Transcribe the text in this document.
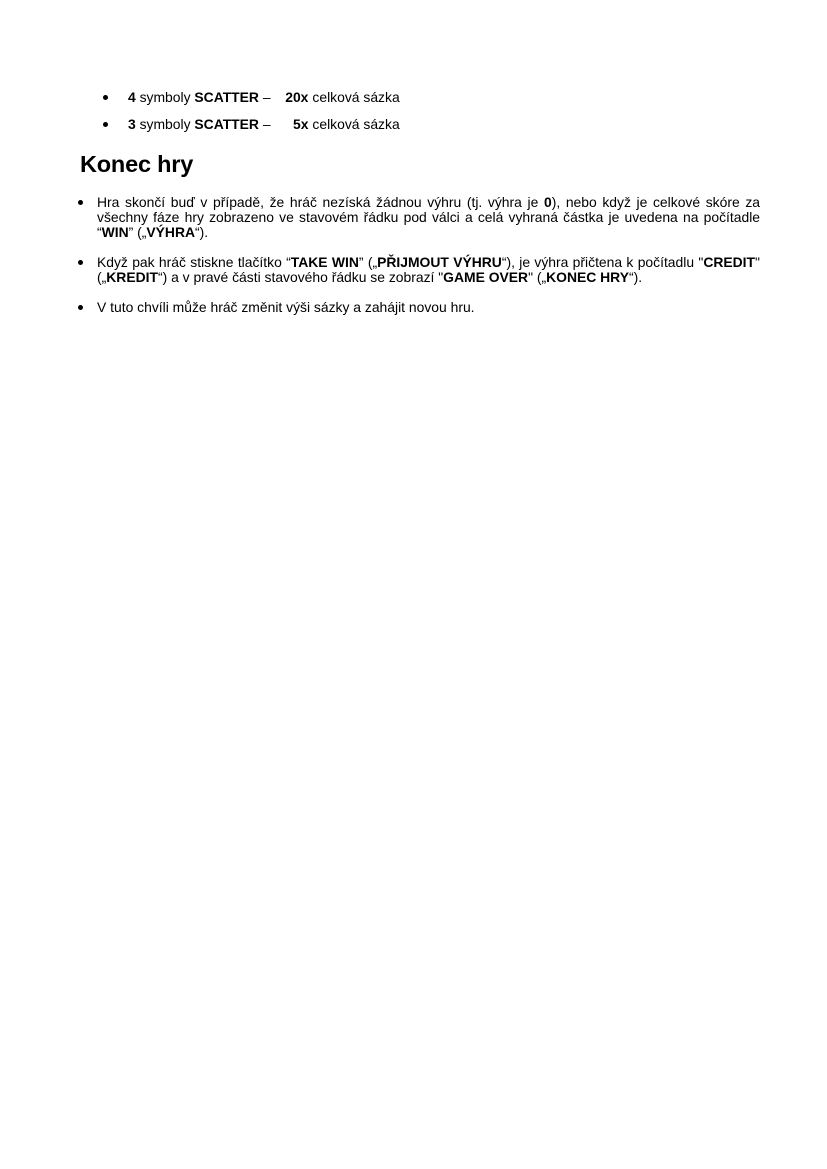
4 symboly SCATTER – 20x celková sázka
3 symboly SCATTER – 5x celková sázka
Konec hry
Hra skončí buď v případě, že hráč nezíská žádnou výhru (tj. výhra je 0), nebo když je celkové skóre za všechny fáze hry zobrazeno ve stavovém řádku pod válci a celá vyhraná částka je uvedena na počítadle “WIN” („VÝHRA“).
Když pak hráč stiskne tlačítko “TAKE WIN” („PŘIJMOUT VÝHRU“), je výhra přičtena k počítadlu "CREDIT" („KREDIT“) a v pravé části stavového řádku se zobrazí "GAME OVER" („KONEC HRY“).
V tuto chvíli může hráč změnit výši sázky a zahájit novou hru.
